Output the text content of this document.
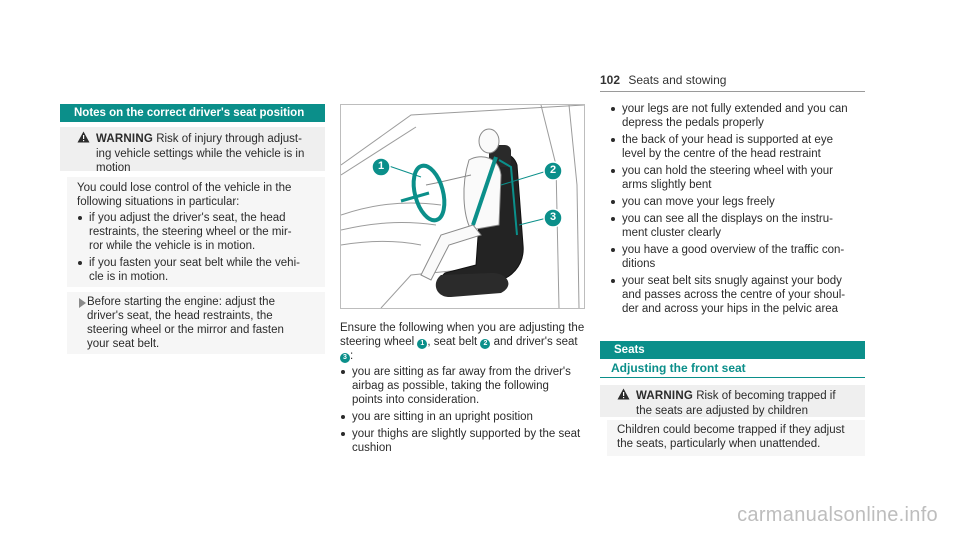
102 Seats and stowing
Notes on the correct driver's seat position
WARNING Risk of injury through adjust-
ing vehicle settings while the vehicle is in
motion
You could lose control of the vehicle in the
following situations in particular:
if you adjust the driver's seat, the head
restraints, the steering wheel or the mir-
ror while the vehicle is in motion.
if you fasten your seat belt while the vehi-
cle is in motion.
Before starting the engine: adjust the
driver's seat, the head restraints, the
steering wheel or the mirror and fasten
your seat belt.
1	2
3
Ensure the following when you are adjusting the
steering wheel 1 , seat belt 2 and driver's seat
3 :
you are sitting as far away from the driver's
airbag as possible, taking the following
points into consideration.
you are sitting in an upright position
your thighs are slightly supported by the seat
cushion
your legs are not fully extended and you can
depress the pedals properly
the back of your head is supported at eye
level by the centre of the head restraint
you can hold the steering wheel with your
arms slightly bent
you can move your legs freely
you can see all the displays on the instru-
ment cluster clearly
you have a good overview of the traffic con-
ditions
your seat belt sits snugly against your body
and passes across the centre of your shoul-
der and across your hips in the pelvic area
Seats
Adjusting the front seat
WARNING Risk of becoming trapped if
the seats are adjusted by children
Children could become trapped if they adjust
the seats, particularly when unattended.
carmanualsonline.info
